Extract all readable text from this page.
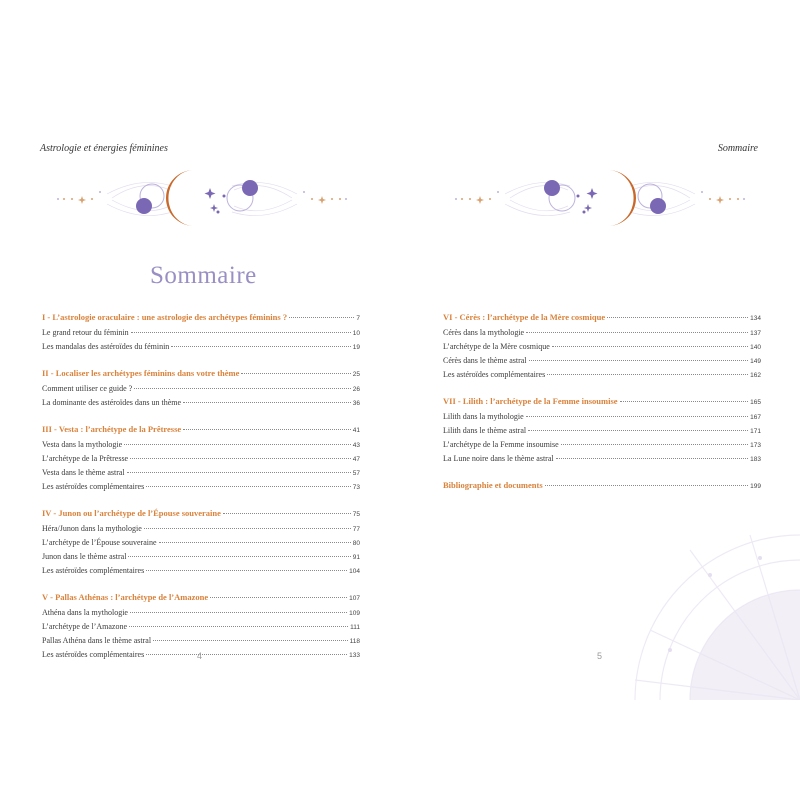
Astrologie et énergies féminines
Sommaire
I - L’astrologie oraculaire : une astrologie des archétypes féminins ?	7
Le grand retour du féminin	10
Les mandalas des astéroïdes du féminin	19
II - Localiser les archétypes féminins dans votre thème	25
Comment utiliser ce guide ?	26
La dominante des astéroïdes dans un thème	36
III - Vesta : l’archétype de la Prêtresse	41
Vesta dans la mythologie	43
L’archétype de la Prêtresse	47
Vesta dans le thème astral	57
Les astéroïdes complémentaires	73
IV - Junon ou l’archétype de l’Épouse souveraine	75
Héra/Junon dans la mythologie	77
L’archétype de l’Épouse souveraine	80
Junon dans le thème astral	91
Les astéroïdes complémentaires	104
V - Pallas Athénas : l’archétype de l’Amazone	107
Athéna dans la mythologie	109
L’archétype de l’Amazone	111
Pallas Athéna dans le thème astral	118
Les astéroïdes complémentaires	133
4
Sommaire
VI - Cérès : l’archétype de la Mère cosmique	134
Cérès dans la mythologie	137
L’archétype de la Mère cosmique	140
Cérès dans le thème astral	149
Les astéroïdes complémentaires	162
VII - Lilith : l’archétype de la Femme insoumise	165
Lilith dans la mythologie	167
Lilith dans le thème astral	171
L’archétype de la Femme insoumise	173
La Lune noire dans le thème astral	183
Bibliographie et documents	199
5
